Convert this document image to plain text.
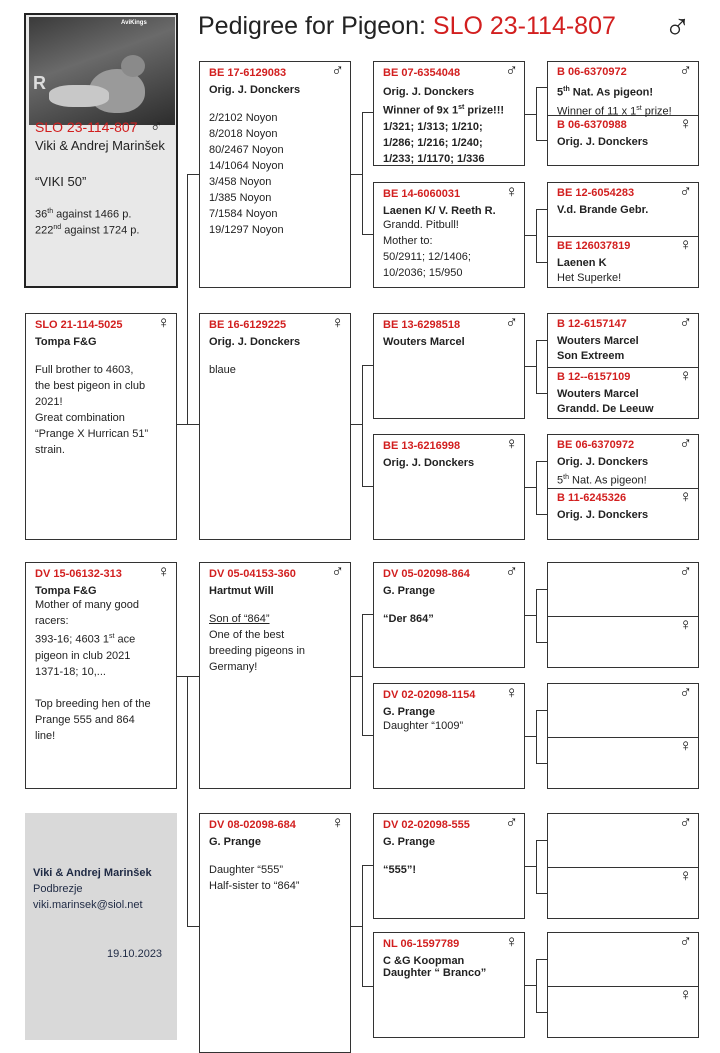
Pedigree for Pigeon: SLO 23-114-807 ♂
AviKings
R
SLO 23-114-807 ♂
Viki & Andrej Marinšek
“VIKI 50”
36th against 1466 p.
222nd against 1724 p.
SLO 21-114-5025 ♀
Tompa F&G
Full brother to 4603,
the best pigeon in club
2021!
Great combination
“Prange X Hurrican 51”
strain.
DV 15-06132-313 ♀
Tompa F&G
Mother of many good
racers:
393-16; 4603 1st ace
pigeon in club 2021
1371-18; 10,...
Top breeding hen of the
Prange 555 and 864
line!
Viki & Andrej Marinšek
Podbrezje
viki.marinsek@siol.net
19.10.2023
BE 17-6129083	♂
Orig. J. Donckers
2/2102 Noyon
8/2018 Noyon
80/2467 Noyon
14/1064 Noyon
3/458 Noyon
1/385 Noyon
7/1584 Noyon
19/1297 Noyon
BE 16-6129225	♀
Orig. J. Donckers
blaue
DV 05-04153-360 ♂
Hartmut Will
Son of “864”
One of the best
breeding pigeons in
Germany!
DV 08-02098-684 ♀
G. Prange
Daughter “555”
Half-sister to “864”
BE 07-6354048	♂
Orig. J. Donckers
Winner of 9x 1st prize!!!
1/321; 1/313; 1/210;
1/286; 1/216; 1/240;
1/233; 1/1170; 1/336
BE 14-6060031	♀
Laenen K/ V. Reeth R.
Grandd. Pitbull!
Mother to:
50/2911; 12/1406;
10/2036; 15/950
BE 13-6298518	♂
Wouters Marcel
BE 13-6216998	♀
Orig. J. Donckers
DV 05-02098-864 ♂
G. Prange
“Der 864”
DV 02-02098-1154 ♀
G. Prange
Daughter “1009”
DV 02-02098-555 ♂
G. Prange
“555”!
NL 06-1597789	♀
C &G Koopman
Daughter “ Branco”
B 06-6370972	♂
5th Nat. As pigeon!
Winner of 11 x 1st prize!
B 06-6370988	♀
Orig. J. Donckers
BE 12-6054283	♂
V.d. Brande Gebr.
BE 126037819	♀
Laenen K
Het Superke!
B 12-6157147	♂
Wouters Marcel
Son Extreem
B 12--6157109	♀
Wouters Marcel
Grandd. De Leeuw
BE 06-6370972	♂
Orig. J. Donckers
5th Nat. As pigeon!
B 11-6245326	♀
Orig. J. Donckers
♂
♀
♂
♀
♂
♀
♂
♀
